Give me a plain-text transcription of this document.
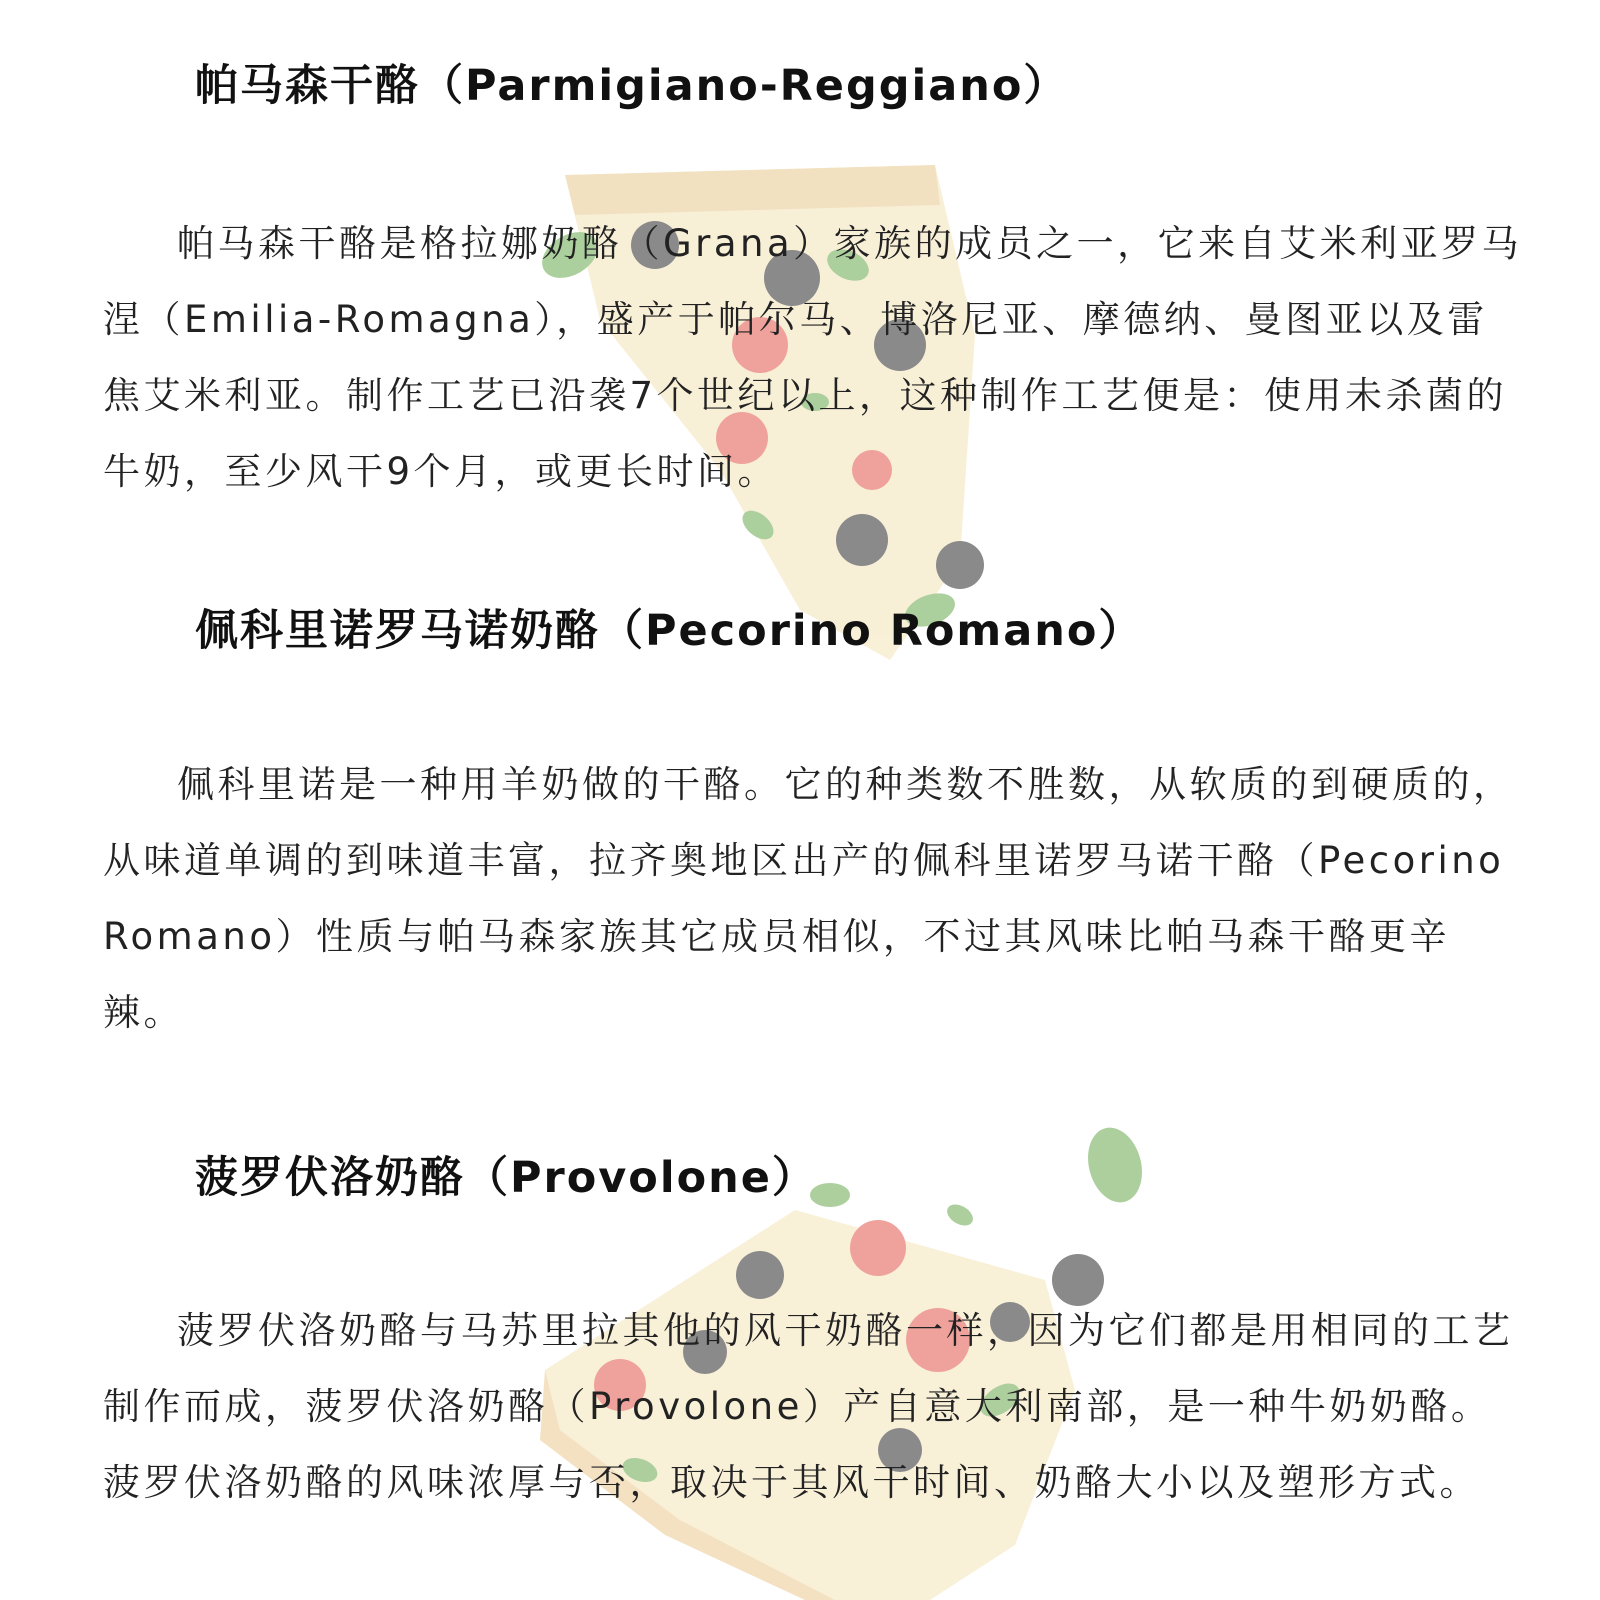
帕马森干酪（Parmigiano-Reggiano）

帕马森干酪是格拉娜奶酪（Grana）家族的成员之一，它来自艾米利亚罗马涅（Emilia-Romagna），盛产于帕尔马、博洛尼亚、摩德纳、曼图亚以及雷焦艾米利亚。制作工艺已沿袭7个世纪以上，这种制作工艺便是：使用未杀菌的牛奶，至少风干9个月，或更长时间。

佩科里诺罗马诺奶酪（Pecorino Romano）

佩科里诺是一种用羊奶做的干酪。它的种类数不胜数，从软质的到硬质的，从味道单调的到味道丰富，拉齐奥地区出产的佩科里诺罗马诺干酪（Pecorino Romano）性质与帕马森家族其它成员相似，不过其风味比帕马森干酪更辛辣。

菠罗伏洛奶酪（Provolone）

菠罗伏洛奶酪与马苏里拉其他的风干奶酪一样，因为它们都是用相同的工艺制作而成，菠罗伏洛奶酪（Provolone）产自意大利南部，是一种牛奶奶酪。菠罗伏洛奶酪的风味浓厚与否，取决于其风干时间、奶酪大小以及塑形方式。
